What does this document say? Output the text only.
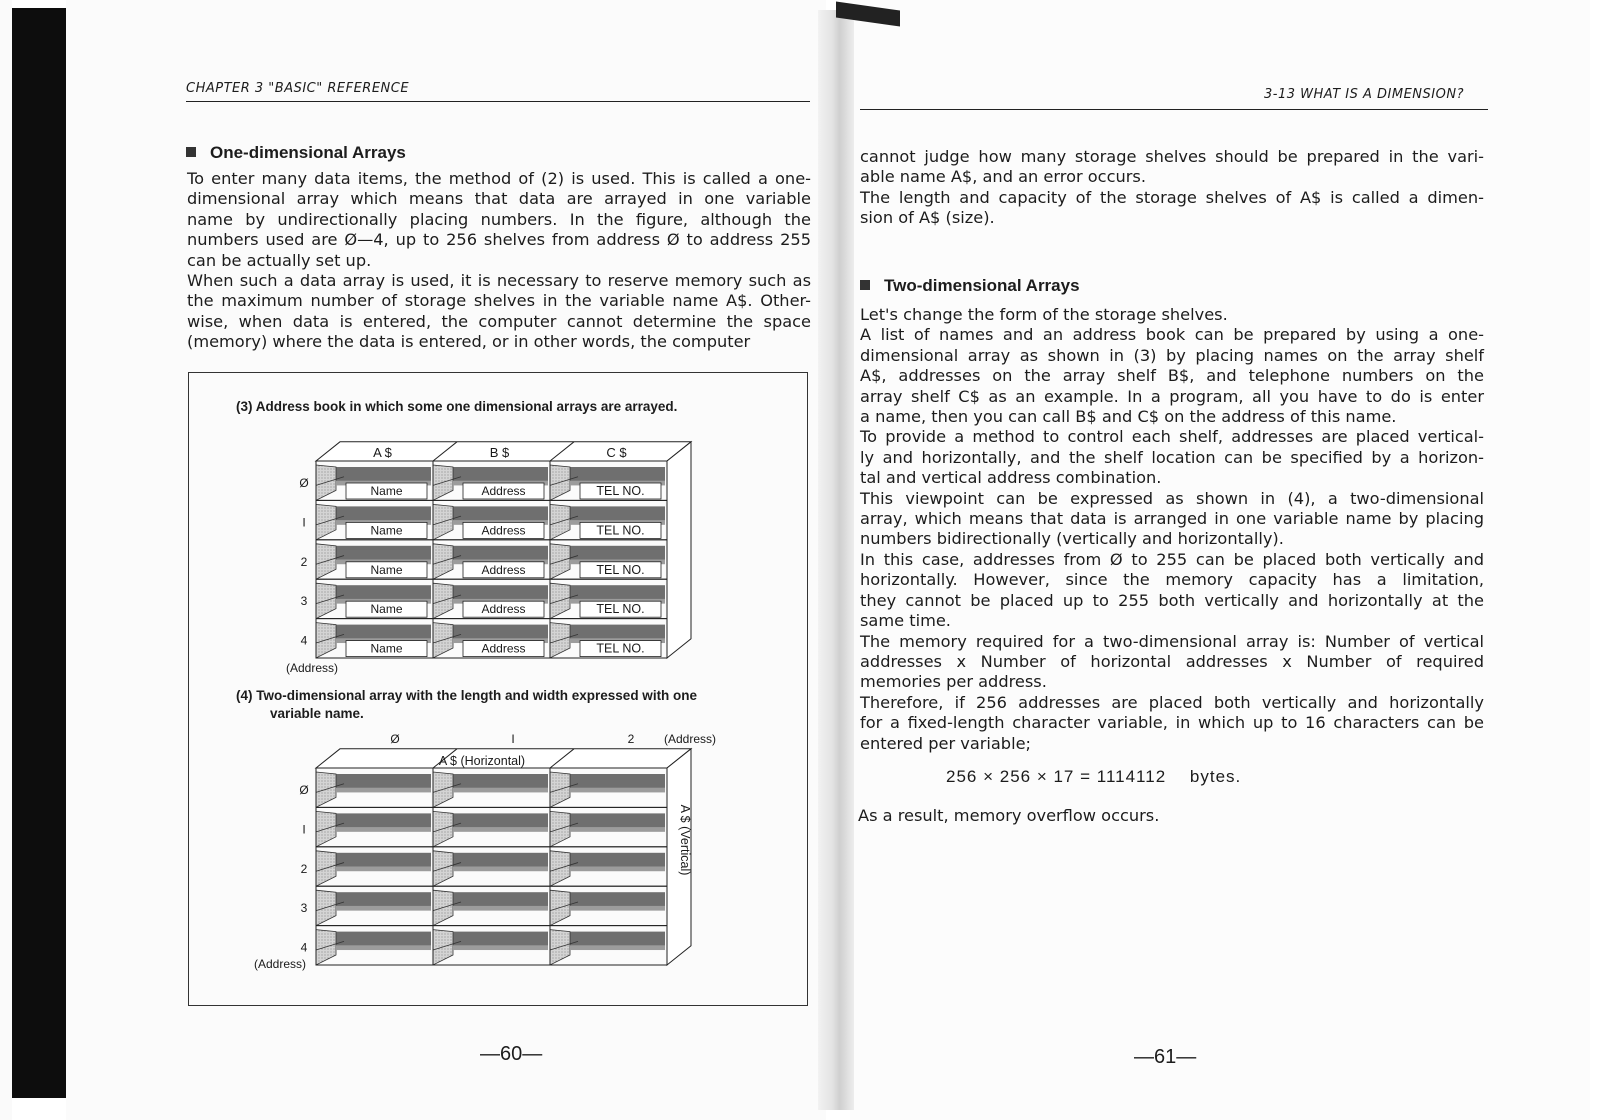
CHAPTER 3 "BASIC" REFERENCE
One-dimensional Arrays
To enter many data items, the method of (2) is used. This is called a one-
dimensional array which means that data are arrayed in one variable
name by undirectionally placing numbers. In the figure, although the
numbers used are Ø—4, up to 256 shelves from address Ø to address 255
can be actually set up.
When such a data array is used, it is necessary to reserve memory such as
the maximum number of storage shelves in the variable name A$. Other-
wise, when data is entered, the computer cannot determine the space
(memory) where the data is entered, or in other words, the computer
(3) Address book in which some one dimensional arrays are arrayed.
(4) Two-dimensional array with the length and width expressed with one
variable name.
A $	B $	C $
Ø
I
2
3
4
Name	Address	TEL NO.
Name	Address	TEL NO.
Name	Address	TEL NO.
Name	Address	TEL NO.
Name	Address	TEL NO.
(Address)
Ø	I	2 (Address)
A $ (Horizontal)
A $ (Vertical)
Ø
I
2
3
4
(Address)
—60—
3-13 WHAT IS A DIMENSION?
cannot judge how many storage shelves should be prepared in the vari-
able name A$, and an error occurs.
The length and capacity of the storage shelves of A$ is called a dimen-
sion of A$ (size).
Two-dimensional Arrays
Let's change the form of the storage shelves.
A list of names and an address book can be prepared by using a one-
dimensional array as shown in (3) by placing names on the array shelf
A$, addresses on the array shelf B$, and telephone numbers on the
array shelf C$ as an example. In a program, all you have to do is enter
a name, then you can call B$ and C$ on the address of this name.
To provide a method to control each shelf, addresses are placed vertical-
ly and horizontally, and the shelf location can be specified by a horizon-
tal and vertical address combination.
This viewpoint can be expressed as shown in (4), a two-dimensional
array, which means that data is arranged in one variable name by placing
numbers bidirectionally (vertically and horizontally).
In this case, addresses from Ø to 255 can be placed both vertically and
horizontally. However, since the memory capacity has a limitation,
they cannot be placed up to 255 both vertically and horizontally at the
same time.
The memory required for a two-dimensional array is: Number of vertical
addresses x Number of horizontal addresses x Number of required
memories per address.
Therefore, if 256 addresses are placed both vertically and horizontally
for a fixed-length character variable, in which up to 16 characters can be
entered per variable;
256 × 256 × 17 = 1114112 bytes.
As a result, memory overflow occurs.
—61—
